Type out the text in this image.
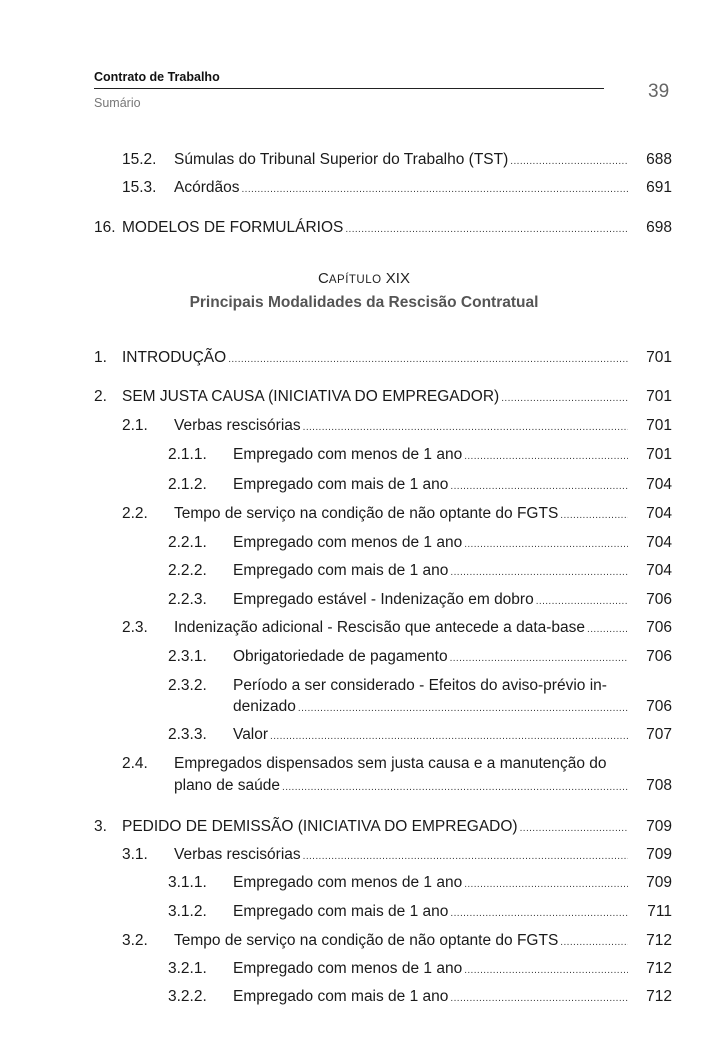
Contrato de Trabalho
Sumário
39
15.2.	Súmulas do Tribunal Superior do Trabalho (TST) .....	688
15.3.	Acórdãos .....	691
16. MODELOS DE FORMULÁRIOS .....	698
CAPÍTULO XIX
Principais Modalidades da Rescisão Contratual
1. INTRODUÇÃO .....	701
2. SEM JUSTA CAUSA (INICIATIVA DO EMPREGADOR) .....	701
2.1.	Verbas rescisórias .....	701
2.1.1.	Empregado com menos de 1 ano .....	701
2.1.2.	Empregado com mais de 1 ano .....	704
2.2.	Tempo de serviço na condição de não optante do FGTS .....	704
2.2.1.	Empregado com menos de 1 ano .....	704
2.2.2.	Empregado com mais de 1 ano .....	704
2.2.3.	Empregado estável - Indenização em dobro .....	706
2.3.	Indenização adicional - Rescisão que antecede a data-base .....	706
2.3.1.	Obrigatoriedade de pagamento .....	706
2.3.2. Período a ser considerado - Efeitos do aviso-prévio in-
denizado .....	706
2.3.3.	Valor .....	707
2.4. Empregados dispensados sem justa causa e a manutenção do
plano de saúde .....	708
3. PEDIDO DE DEMISSÃO (INICIATIVA DO EMPREGADO) .....	709
3.1.	Verbas rescisórias .....	709
3.1.1.	Empregado com menos de 1 ano .....	709
3.1.2.	Empregado com mais de 1 ano .....	711
3.2.	Tempo de serviço na condição de não optante do FGTS .....	712
3.2.1.	Empregado com menos de 1 ano .....	712
3.2.2.	Empregado com mais de 1 ano .....	712
